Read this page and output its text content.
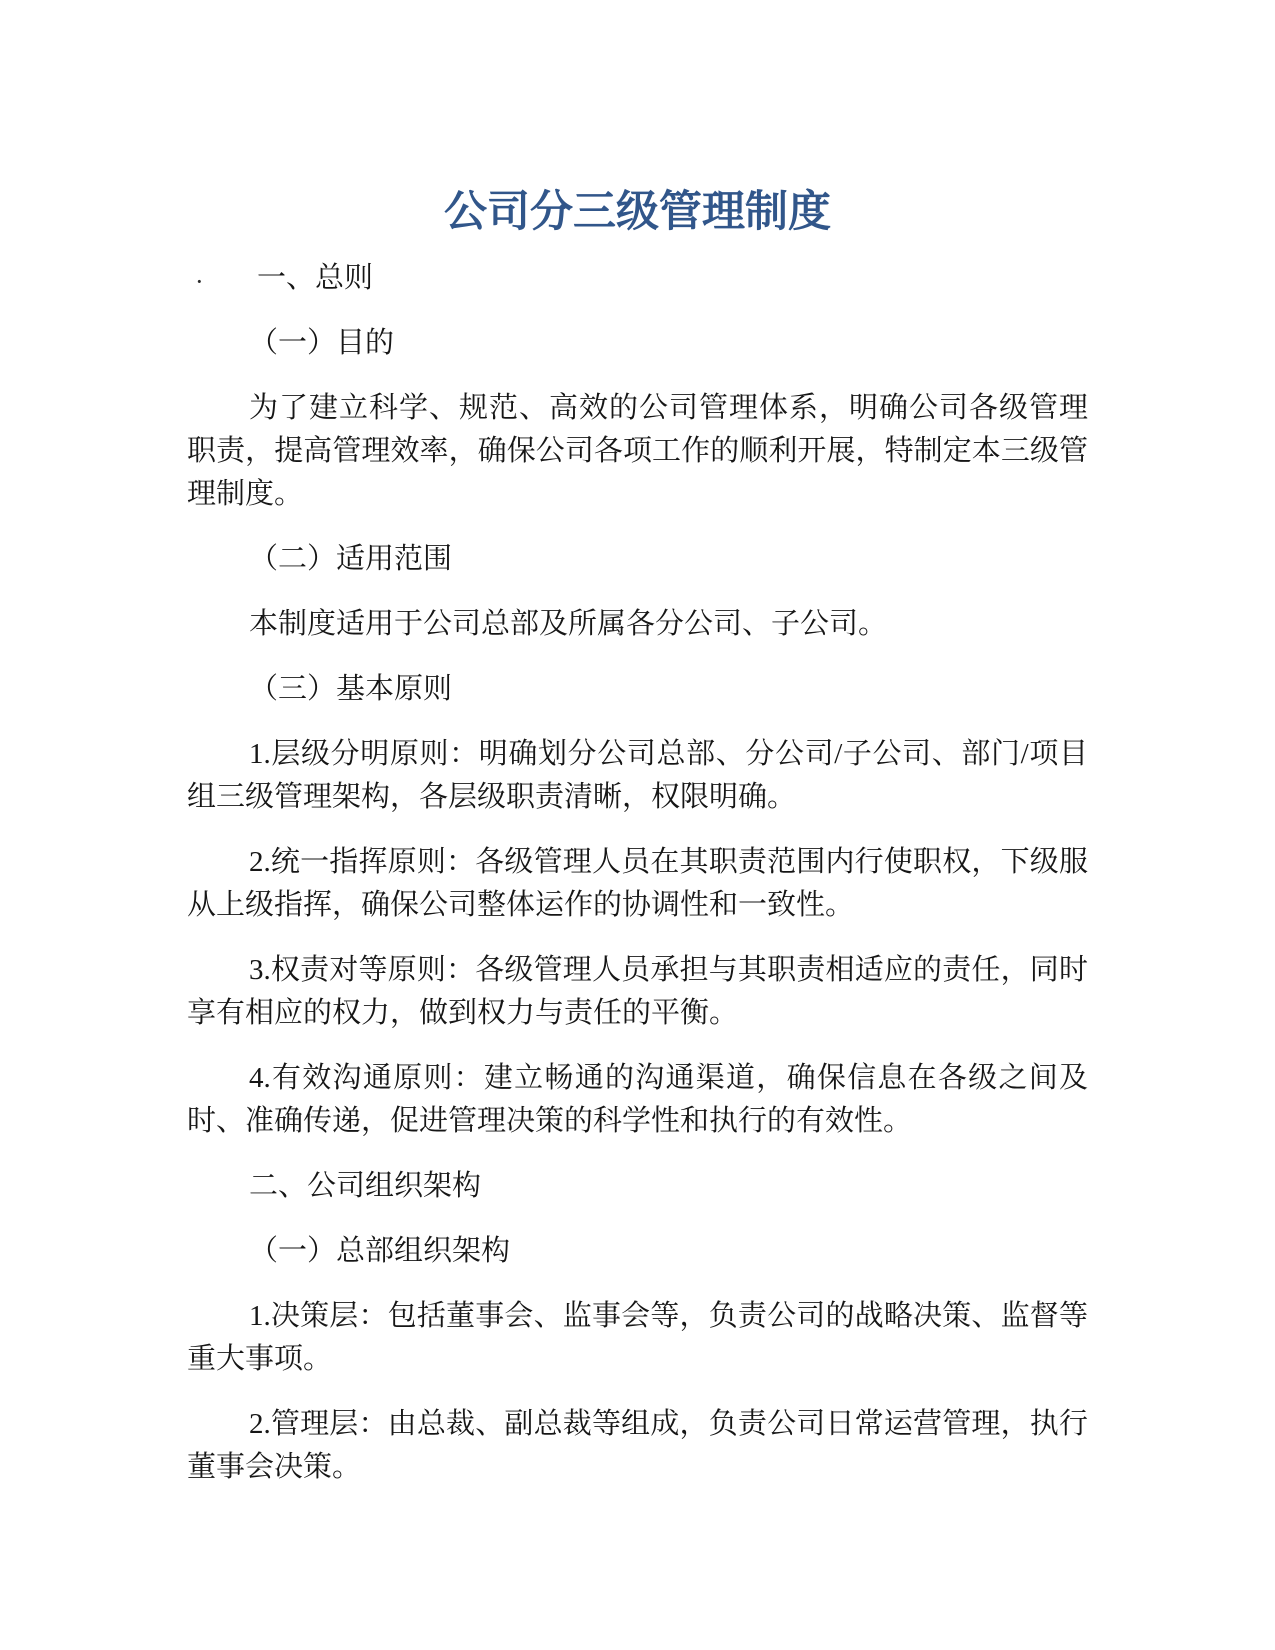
公司分三级管理制度

· 一、总则

（一）目的

为了建立科学、规范、高效的公司管理体系，明确公司各级管理职责，提高管理效率，确保公司各项工作的顺利开展，特制定本三级管理制度。

（二）适用范围

本制度适用于公司总部及所属各分公司、子公司。

（三）基本原则

1.层级分明原则：明确划分公司总部、分公司/子公司、部门/项目组三级管理架构，各层级职责清晰，权限明确。

2.统一指挥原则：各级管理人员在其职责范围内行使职权，下级服从上级指挥，确保公司整体运作的协调性和一致性。

3.权责对等原则：各级管理人员承担与其职责相适应的责任，同时享有相应的权力，做到权力与责任的平衡。

4.有效沟通原则：建立畅通的沟通渠道，确保信息在各级之间及时、准确传递，促进管理决策的科学性和执行的有效性。

二、公司组织架构

（一）总部组织架构

1.决策层：包括董事会、监事会等，负责公司的战略决策、监督等重大事项。

2.管理层：由总裁、副总裁等组成，负责公司日常运营管理，执行董事会决策。
